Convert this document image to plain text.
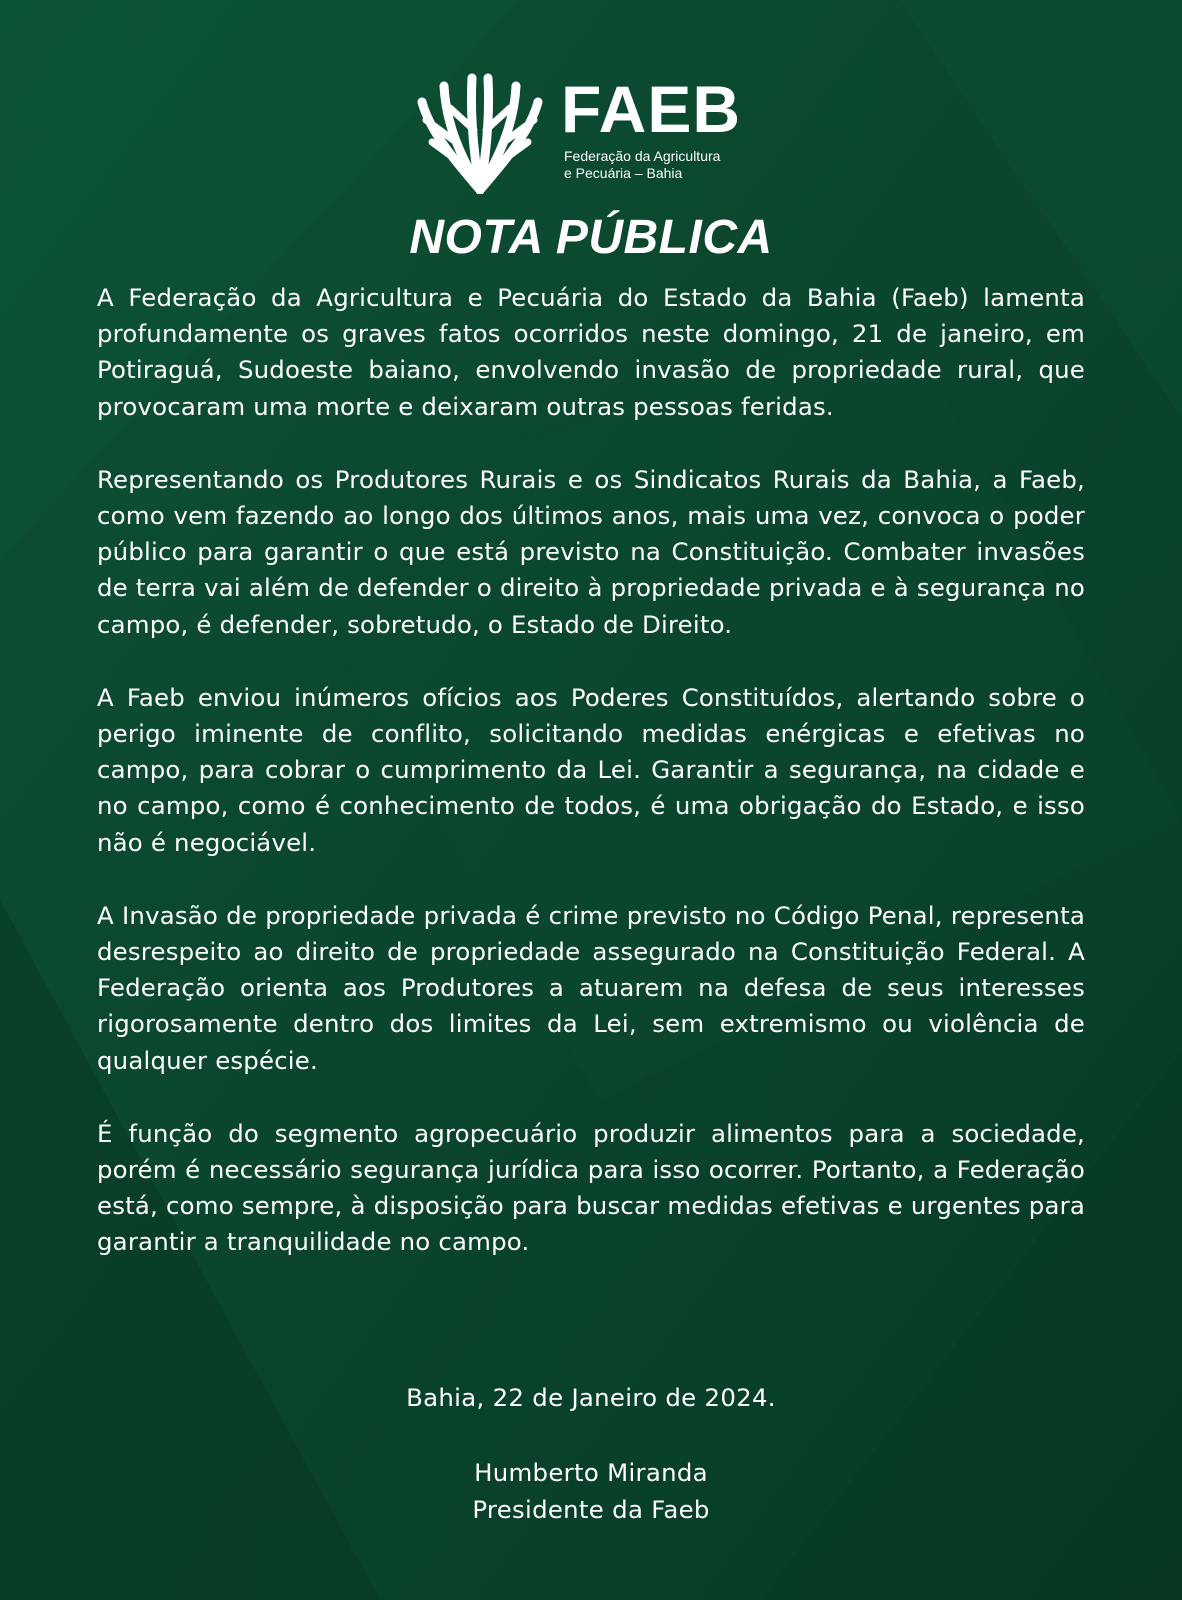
FAEB
Federação da Agricultura
e Pecuária – Bahia
NOTA PÚBLICA

A Federação da Agricultura e Pecuária do Estado da Bahia (Faeb) lamenta profundamente os graves fatos ocorridos neste domingo, 21 de janeiro, em Potiraguá, Sudoeste baiano, envolvendo invasão de propriedade rural, que provocaram uma morte e deixaram outras pessoas feridas.

Representando os Produtores Rurais e os Sindicatos Rurais da Bahia, a Faeb, como vem fazendo ao longo dos últimos anos, mais uma vez, convoca o poder público para garantir o que está previsto na Constituição. Combater invasões de terra vai além de defender o direito à propriedade privada e à segurança no campo, é defender, sobretudo, o Estado de Direito.

A Faeb enviou inúmeros ofícios aos Poderes Constituídos, alertando sobre o perigo iminente de conflito, solicitando medidas enérgicas e efetivas no campo, para cobrar o cumprimento da Lei. Garantir a segurança, na cidade e no campo, como é conhecimento de todos, é uma obrigação do Estado, e isso não é negociável.

A Invasão de propriedade privada é crime previsto no Código Penal, representa desrespeito ao direito de propriedade assegurado na Constituição Federal. A Federação orienta aos Produtores a atuarem na defesa de seus interesses rigorosamente dentro dos limites da Lei, sem extremismo ou violência de qualquer espécie.

É função do segmento agropecuário produzir alimentos para a sociedade, porém é necessário segurança jurídica para isso ocorrer. Portanto, a Federação está, como sempre, à disposição para buscar medidas efetivas e urgentes para garantir a tranquilidade no campo.

Bahia, 22 de Janeiro de 2024.
Humberto Miranda
Presidente da Faeb
